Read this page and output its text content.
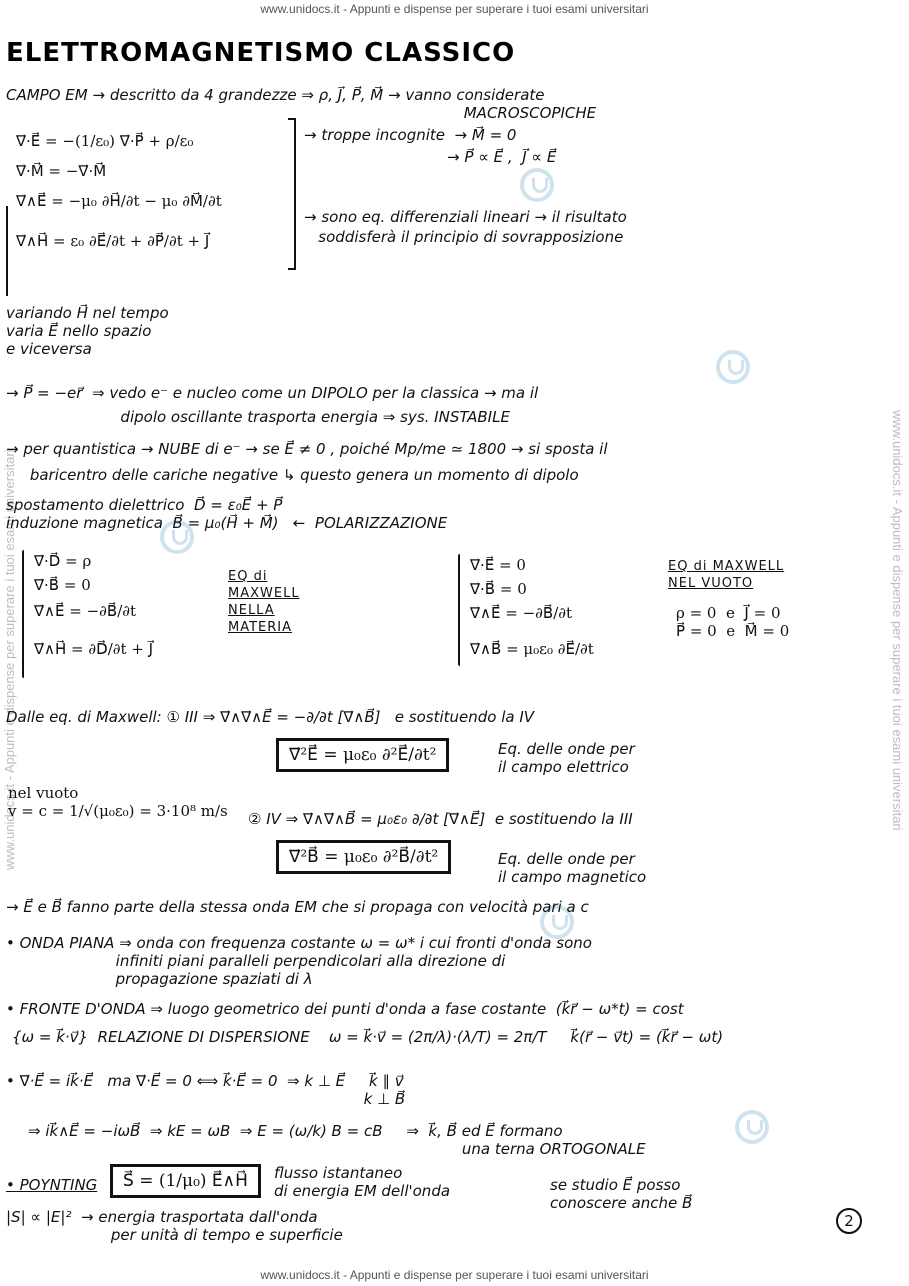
www.unidocs.it - Appunti e dispense per superare i tuoi esami universitari
www.unidocs.it - Appunti e dispense per superare i tuoi esami universitari	www.unidocs.it - Appunti e dispense per superare i tuoi esami universitari
ELETTROMAGNETISMO CLASSICO

CAMPO EM → descritto da 4 grandezze ⇒ ρ, J⃗, P⃗, M⃗ → vanno considerate
MACROSCOPICHE

∇⃗·E⃗ = −(1/ε₀) ∇⃗·P⃗ + ρ/ε₀

∇⃗·M⃗ = −∇⃗·M⃗

∇⃗∧E⃗ = −μ₀ ∂H⃗/∂t − μ₀ ∂M⃗/∂t

∇⃗∧H⃗ = ε₀ ∂E⃗/∂t + ∂P⃗/∂t + J⃗

→ troppe incognite  → M⃗ = 0

→ P⃗ ∝ E⃗ ,  J⃗ ∝ E⃗

→ sono eq. differenziali lineari → il risultato

soddisferà il principio di sovrapposizione

variando H⃗ nel tempo
varia E⃗ nello spazio
e viceversa

→ P⃗ = −er⃗  ⇒ vedo e⁻ e nucleo come un DIPOLO per la classica → ma il

dipolo oscillante trasporta energia ⇒ sys. INSTABILE

→ per quantistica → NUBE di e⁻ → se E⃗ ≠ 0 , poiché Mp/me ≃ 1800 → si sposta il

baricentro delle cariche negative ↳ questo genera un momento di dipolo

spostamento dielettrico  D⃗ = ε₀E⃗ + P⃗
induzione magnetica  B⃗ = μ₀(H⃗ + M⃗)   ←  POLARIZZAZIONE

∇⃗·D⃗ = ρ

∇⃗·B⃗ = 0

∇⃗∧E⃗ = −∂B⃗/∂t

∇⃗∧H⃗ = ∂D⃗/∂t + J⃗

EQ di
MAXWELL
NELLA
MATERIA

∇⃗·E⃗ = 0

∇⃗·B⃗ = 0

∇⃗∧E⃗ = −∂B⃗/∂t

∇⃗∧B⃗ = μ₀ε₀ ∂E⃗/∂t

EQ di MAXWELL
NEL VUOTO

ρ = 0  e  J⃗ = 0
P⃗ = 0  e  M⃗ = 0

Dalle eq. di Maxwell: ① III ⇒ ∇⃗∧∇⃗∧E⃗ = −∂/∂t [∇⃗∧B⃗]   e sostituendo la IV

∇⃗²E⃗ = μ₀ε₀ ∂²E⃗/∂t²	Eq. delle onde per
il campo elettrico

nel vuoto
v = c = 1/√(μ₀ε₀) = 3·10⁸ m/s ② IV ⇒ ∇⃗∧∇⃗∧B⃗ = μ₀ε₀ ∂/∂t [∇⃗∧E⃗]  e sostituendo la III

∇⃗²B⃗ = μ₀ε₀ ∂²B⃗/∂t²	Eq. delle onde per
il campo magnetico

→ E⃗ e B⃗ fanno parte della stessa onda EM che si propaga con velocità pari a c

• ONDA PIANA ⇒ onda con frequenza costante ω = ω* i cui fronti d'onda sono
infiniti piani paralleli perpendicolari alla direzione di
propagazione spaziati di λ

• FRONTE D'ONDA ⇒ luogo geometrico dei punti d'onda a fase costante  (k⃗r⃗ − ω*t) = cost

{ω = k⃗·v⃗}  RELAZIONE DI DISPERSIONE    ω = k⃗·v⃗ = (2π/λ)·(λ/T) = 2π/T     k⃗(r⃗ − v⃗t) = (k⃗r⃗ − ωt)

• ∇⃗·E⃗ = ik⃗·E⃗   ma ∇⃗·E⃗ = 0 ⟺ k⃗·E⃗ = 0  ⇒ k ⊥ E⃗     k⃗ ∥ v⃗
k ⊥ B⃗

⇒ ik⃗∧E⃗ = −iωB⃗  ⇒ kE = ωB  ⇒ E = (ω/k) B = cB     ⇒  k⃗, B⃗ ed E⃗ formano
una terna ORTOGONALE

• POYNTING	S⃗ = (1/μ₀) E⃗∧H⃗	flusso istantaneo
di energia EM dell'onda

|S| ∝ |E|²  → energia trasportata dall'onda
per unità di tempo e superficie

se studio E⃗ posso
conoscere anche B⃗

2
www.unidocs.it - Appunti e dispense per superare i tuoi esami universitari
